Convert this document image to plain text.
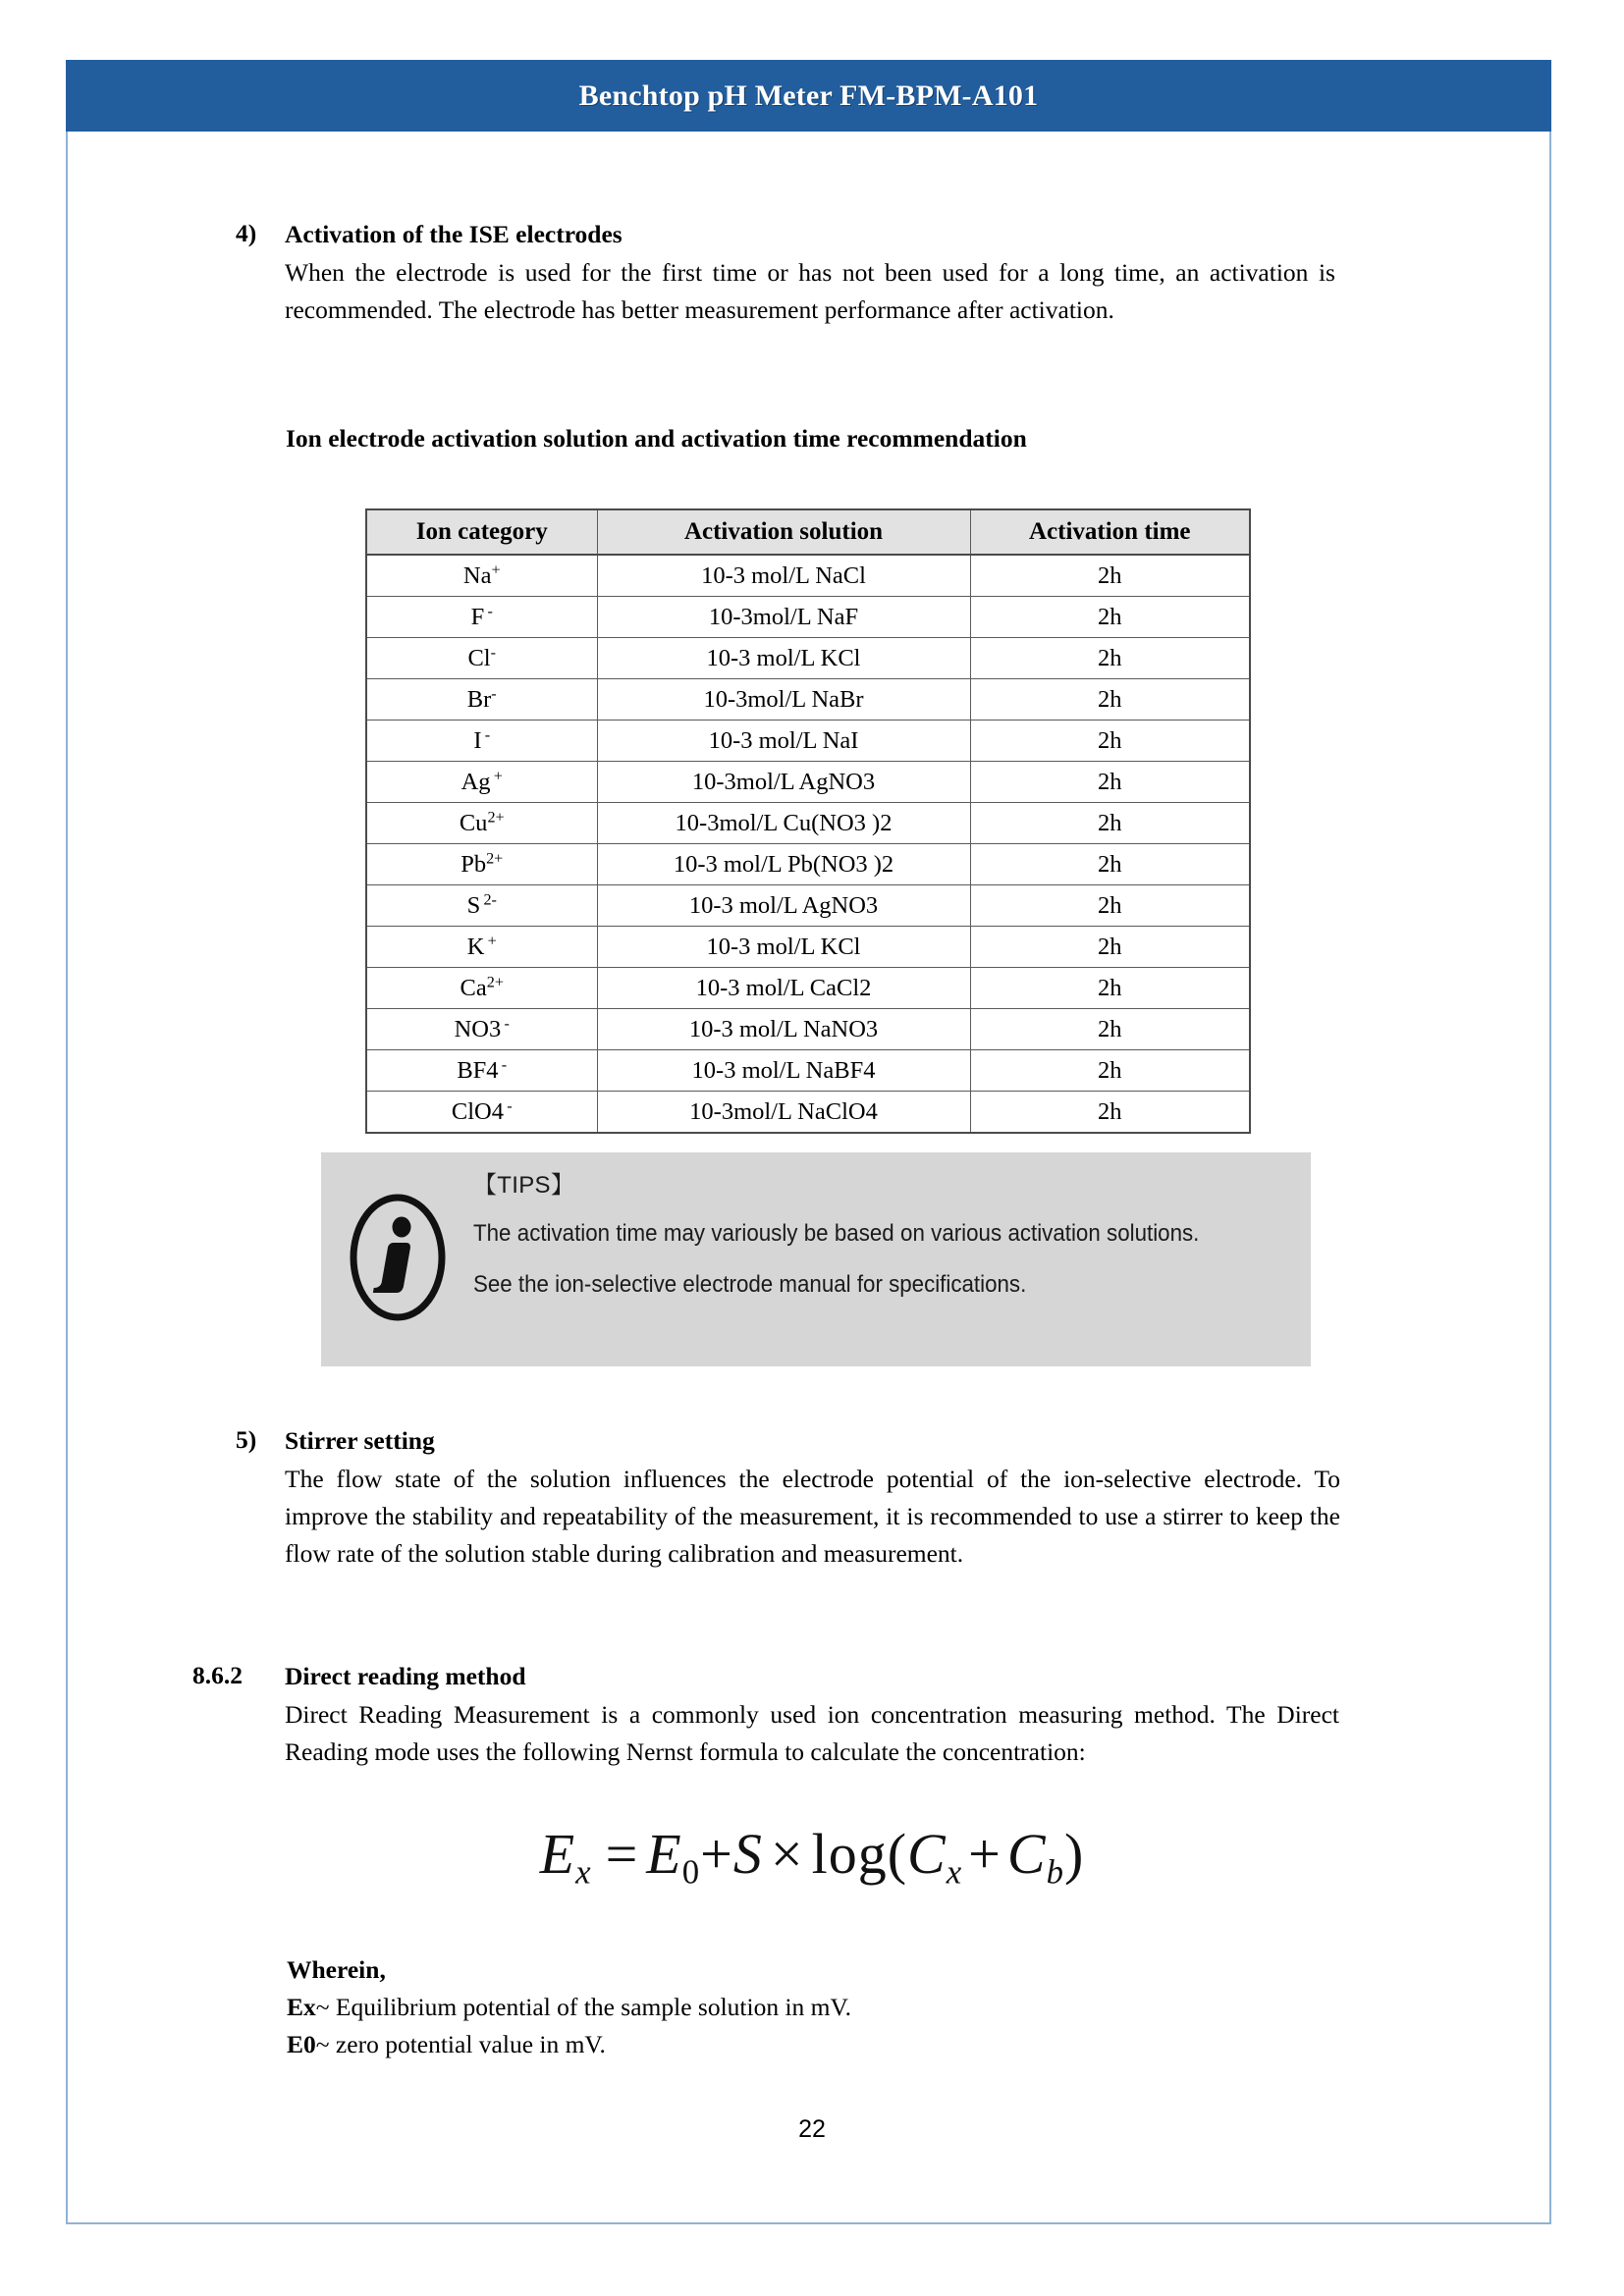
Benchtop pH Meter FM-BPM-A101
4)	Activation of the ISE electrodes

When the electrode is used for the first time or has not been used for a long time, an activation is recommended. The electrode has better measurement performance after activation.

Ion electrode activation solution and activation time recommendation

Ion category	Activation solution	Activation time
Na+	10-3 mol/L NaCl	2h
F -	10-3mol/L NaF	2h
Cl-	10-3 mol/L KCl	2h
Br-	10-3mol/L NaBr	2h
I -	10-3 mol/L NaI	2h
Ag +	10-3mol/L AgNO3	2h
$Cu^{2+}$	10-3mol/L Cu(NO3 )2	2h
$Pb^{2+}$	10-3 mol/L Pb(NO3 )2	2h
S $^{2-}$	10-3 mol/L AgNO3	2h
K +	10-3 mol/L KCl	2h
$Ca^{2+}$	10-3 mol/L CaCl2	2h
NO3 -	10-3 mol/L NaNO3	2h
BF4 -	10-3 mol/L NaBF4	2h
ClO4 -	10-3mol/L NaClO4	2h

【TIPS】

The activation time may variously be based on various activation solutions. See the ion-selective electrode manual for specifications.

5)	Stirrer setting

The flow state of the solution influences the electrode potential of the ion-selective electrode. To improve the stability and repeatability of the measurement, it is recommended to use a stirrer to keep the flow rate of the solution stable during calibration and measurement.

8.6.2	Direct reading method

Direct Reading Measurement is a commonly used ion concentration measuring method. The Direct Reading mode uses the following Nernst formula to calculate the concentration:

$E_x = E0+S \times \log(C_x + C_b)$

Wherein,

Ex~ Equilibrium potential of the sample solution in mV.

E0~ zero potential value in mV.

22
